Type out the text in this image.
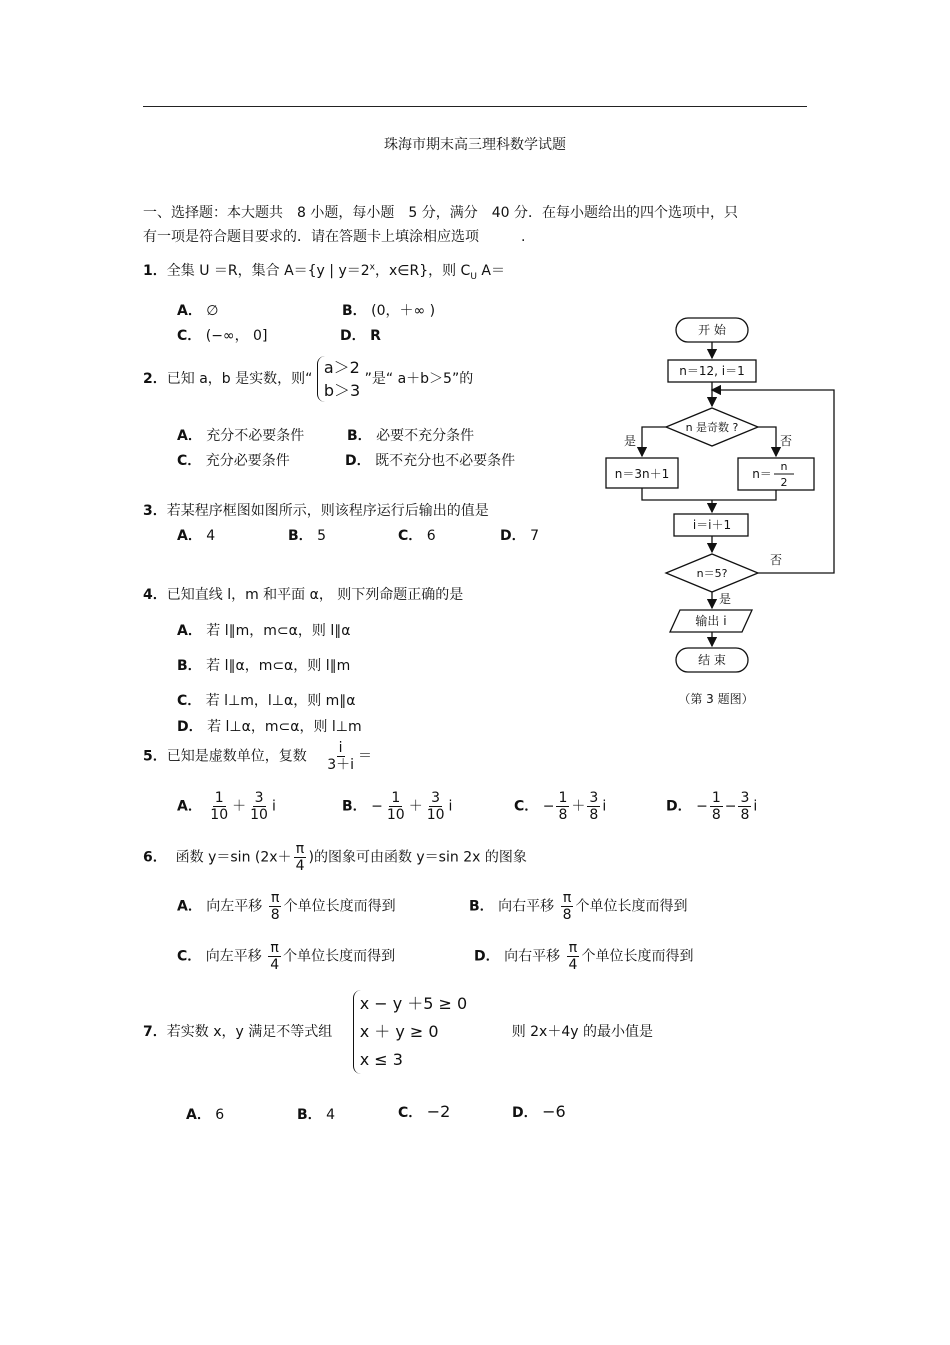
珠海市期末高三理科数学试题
一、选择题：本大题共　8 小题，每小题　5 分，满分　40 分．在每小题给出的四个选项中，只
有一项是符合题目要求的．请在答题卡上填涂相应选项　　　.
1．全集 U ＝R，集合 A＝{y | $y=2^x$，x∈R}，则 $C_U$ A＝
A． ∅	B． (0，＋∞ )
C． (−∞， 0]	D． R
2．已知 a，b 是实数，则“
a＞2
b＞3
”是“ a＋b＞5”的
A． 充分不必要条件	B． 必要不充分条件
C． 充分必要条件	D． 既不充分也不必要条件
3．若某程序框图如图所示，则该程序运行后输出的值是
A． 4	B． 5	C． 6	D． 7
4．已知直线 l，m 和平面 α， 则下列命题正确的是
A． 若 l∥m，m⊂α，则 l∥α
B． 若 l∥α，m⊂α，则 l∥m
C． 若 l⊥m，l⊥α，则 m∥α
D． 若 l⊥α，m⊂α，则 l⊥m
5．已知是虚数单位，复数 $\frac{i}{3+i}$ ＝
A． $\frac{1}{10} + \frac{3}{10}$ i	B． − $\frac{1}{10} + \frac{3}{10}$ i	C． − $\frac{1}{8} + \frac{3}{8}$ i	D． − $\frac{1}{8} - \frac{3}{8}$ i
6． 函数 y＝sin ($2x+ \frac{\pi}{4}$ )的图象可由函数 y＝sin 2x 的图象
A． 向左平移 $\frac{\pi}{8}$ 个单位长度而得到	B． 向右平移 $\frac{\pi}{8}$ 个单位长度而得到
C． 向左平移 $\frac{\pi}{4}$ 个单位长度而得到	D． 向右平移 $\frac{\pi}{4}$ 个单位长度而得到
7．若实数 x，y 满足不等式组
x − y ＋5 ≥ 0
x ＋ y ≥ 0
x ≤ 3
则 2x＋4y 的最小值是
A． 6	B． 4	C． −2	D． −6
开 始
n＝12, i＝1
n 是奇数 ?
是	否
n＝3n＋1	n＝
n
2
i＝i＋1
n＝5?
否
是
输出 i
结 束
（第 3 题图）
